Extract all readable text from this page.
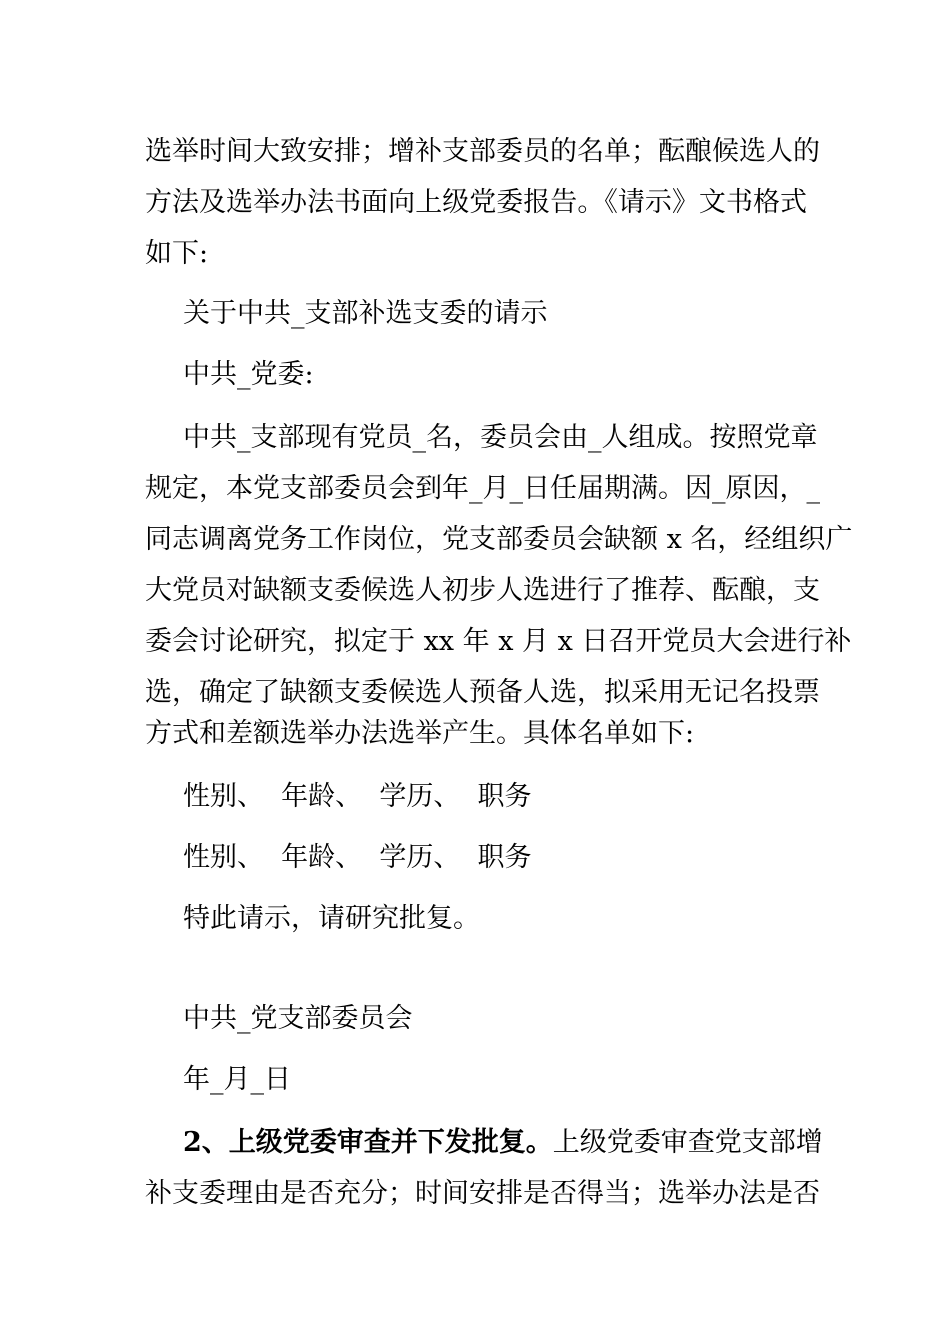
选举时间大致安排；增补支部委员的名单；酝酿候选人的
方法及选举办法书面向上级党委报告。《请示》文书格式
如下:
关于中共_支部补选支委的请示
中共_党委:
中共_支部现有党员_名，委员会由_人组成。按照党章
规定，本党支部委员会到年_月_日任届期满。因_原因，_
同志调离党务工作岗位，党支部委员会缺额 x 名，经组织广
大党员对缺额支委候选人初步人选进行了推荐、酝酿，支
委会讨论研究，拟定于 xx 年 x 月 x 日召开党员大会进行补
选，确定了缺额支委候选人预备人选，拟采用无记名投票
方式和差额选举办法选举产生。具体名单如下:
性别、  年龄、  学历、  职务
性别、  年龄、  学历、  职务
特此请示，请研究批复。
中共_党支部委员会
年_月_日
2、上级党委审查并下发批复。 上级党委审查党支部增
补支委理由是否充分；时间安排是否得当；选举办法是否
